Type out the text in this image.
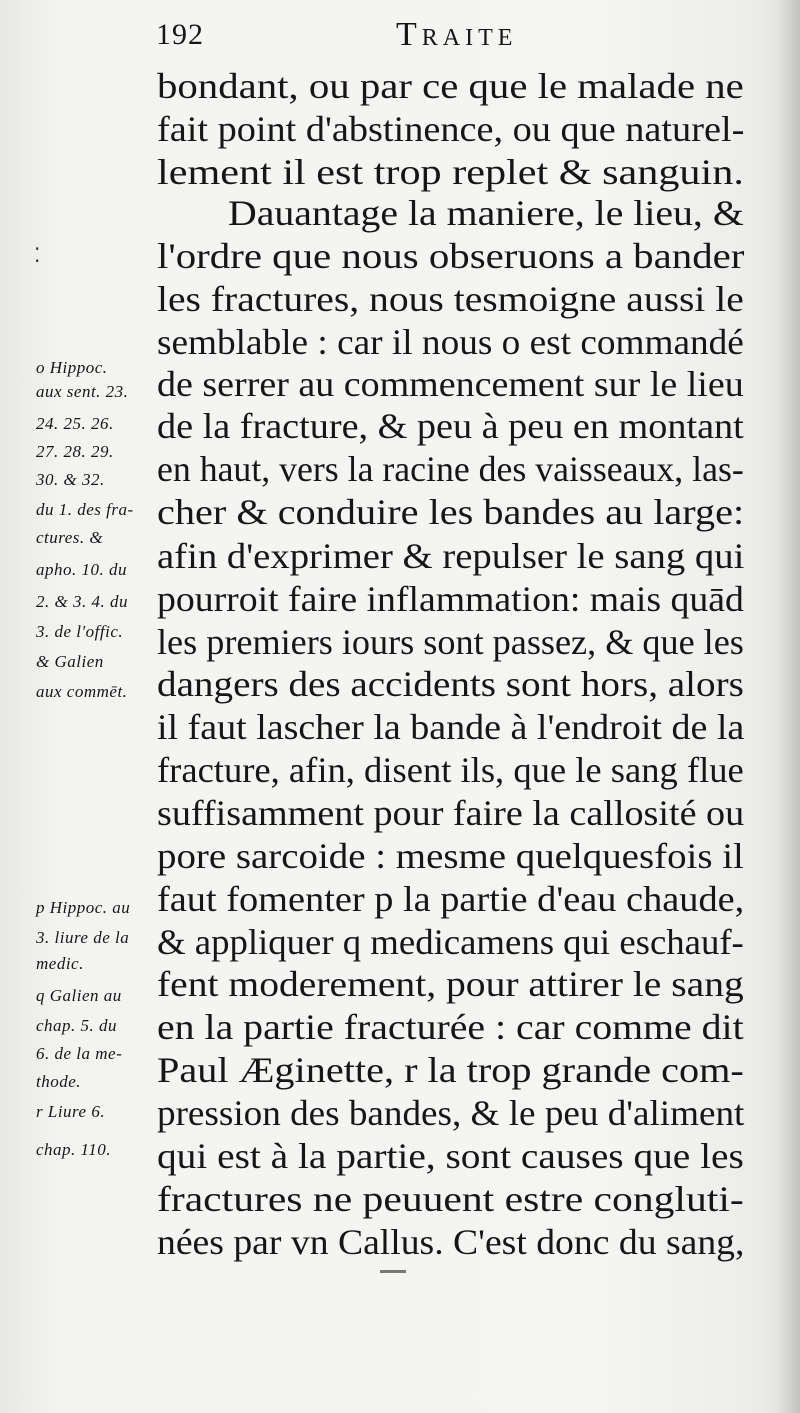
192	Traite
⁚
bondant, ou par ce que le malade ne
fait point d'abstinence, ou que naturel-
lement il est trop replet & sanguin.
Dauantage la maniere, le lieu, &
l'ordre que nous obseruons a bander
les fractures, nous tesmoigne aussi le
semblable : car il nous o est commandé
de serrer au commencement sur le lieu
de la fracture, & peu à peu en montant
en haut, vers la racine des vaisseaux, las-
cher & conduire les bandes au large:
afin d'exprimer & repulser le sang qui
pourroit faire inflammation: mais quād
les premiers iours sont passez, & que les
dangers des accidents sont hors, alors
il faut lascher la bande à l'endroit de la
fracture, afin, disent ils, que le sang flue
suffisamment pour faire la callosité ou
pore sarcoide : mesme quelquesfois il
faut fomenter p la partie d'eau chaude,
& appliquer q medicamens qui eschauf-
fent moderement, pour attirer le sang
en la partie fracturée : car comme dit
Paul Æginette, r la trop grande com-
pression des bandes, & le peu d'aliment
qui est à la partie, sont causes que les
fractures ne peuuent estre congluti-
nées par vn Callus. C'est donc du sang,
o Hippoc.
aux sent. 23.
24. 25. 26.
27. 28. 29.
30. & 32.
du 1. des fra-
ctures. &
apho. 10. du
2. & 3. 4. du
3. de l'offic.
& Galien
aux commēt.
p Hippoc. au
3. liure de la
medic.
q Galien au
chap. 5. du
6. de la me-
thode.
r Liure 6.
chap. 110.
